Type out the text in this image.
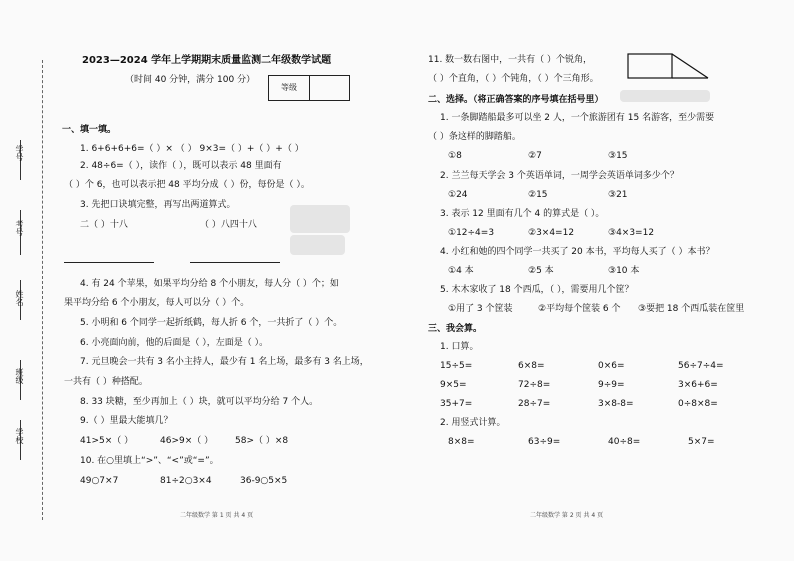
学号
考号
姓名
班级
学校
2023—2024 学年上学期期末质量监测二年级数学试题
（时间 40 分钟，满分 100 分）
等级
一、填一填。
1. 6+6+6+6=（ ）× （ ） 9×3=（ ）+（ ）+（ ）
2. 48÷6=（ ），读作（ ），既可以表示 48 里面有
（ ）个 6，也可以表示把 48 平均分成（ ）份，每份是（ ）。
3. 先把口诀填完整，再写出两道算式。
二（ ）十八	（ ）八四十八
4. 有 24 个苹果，如果平均分给 8 个小朋友，每人分（ ）个；如
果平均分给 6 个小朋友，每人可以分（ ）个。
5. 小明和 6 个同学一起折纸鹤，每人折 6 个，一共折了（ ）个。
6. 小亮面向前，他的后面是（ ），左面是（ ）。
7. 元旦晚会一共有 3 名小主持人，最少有 1 名上场，最多有 3 名上场，
一共有（ ）种搭配。
8. 33 块糖，至少再加上（ ）块，就可以平均分给 7 个人。
9.（ ）里最大能填几？
41>5×（ ）	46>9×（ ） 58>（ ）×8
10. 在○里填上“>”、“<”或“=”。
49○7×7	81÷2○3×4	36-9○5×5
二年级数学 第 1 页 共 4 页
11. 数一数右图中，一共有（ ）个锐角，
（ ）个直角，（ ）个钝角，（ ）个三角形。
二、选择。（将正确答案的序号填在括号里）
1. 一条脚踏船最多可以坐 2 人，一个旅游团有 15 名游客，至少需要
（ ）条这样的脚踏船。
①8	②7	③15
2. 兰兰每天学会 3 个英语单词，一周学会英语单词多少个？
①24	②15	③21
3. 表示 12 里面有几个 4 的算式是（ ）。
①12÷4=3	②3×4=12	③4×3=12
4. 小红和她的四个同学一共买了 20 本书，平均每人买了（ ）本书？
①4 本	②5 本	③10 本
5. 木木家收了 18 个西瓜，（ ），需要用几个筐？
①用了 3 个筐装	②平均每个筐装 6 个 ③要把 18 个西瓜装在筐里
三、我会算。
1. 口算。
15÷5=	6×8=	0×6=	56÷7÷4=
9×5=	72÷8=	9÷9=	3×6+6=
35+7=	28÷7=	3×8-8=	0÷8×8=
2. 用竖式计算。
8×8=	63÷9=	40÷8=	5×7=
二年级数学 第 2 页 共 4 页
